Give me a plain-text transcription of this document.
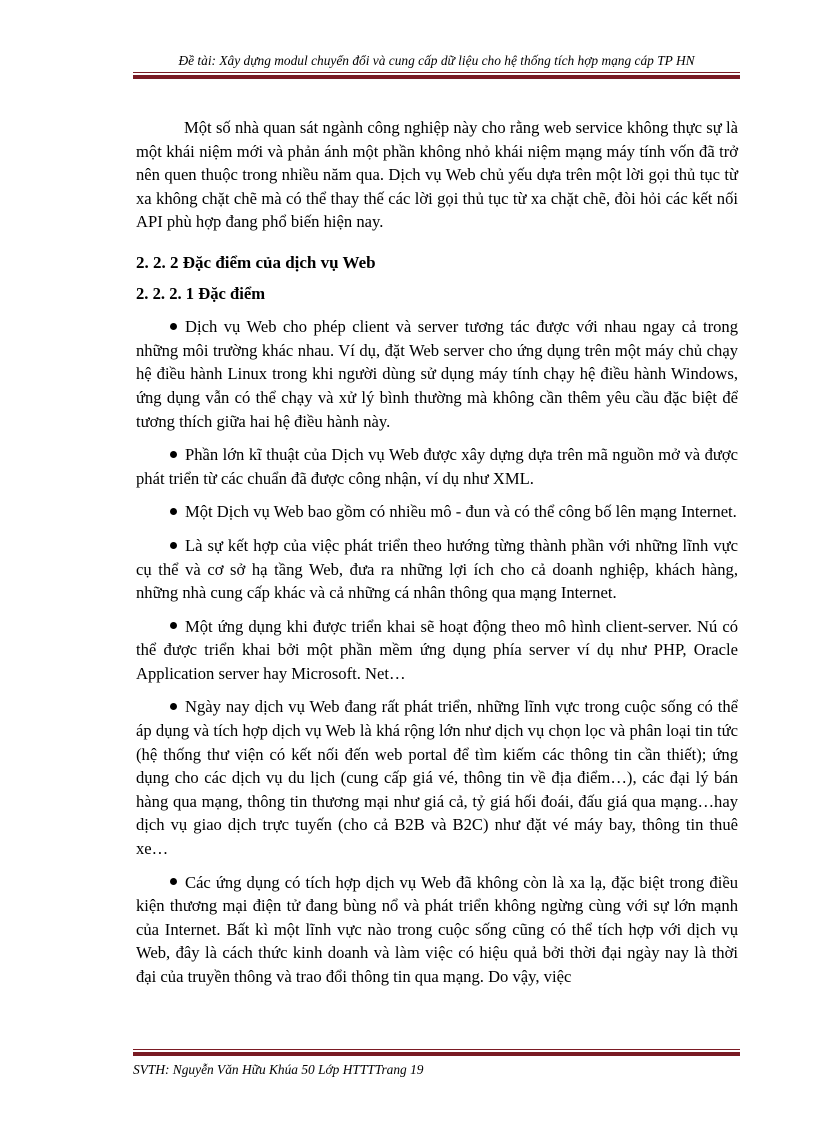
Đề tài: Xây dựng modul chuyển đổi và cung cấp dữ liệu cho hệ thống tích hợp mạng cáp TP HN

Một số nhà quan sát ngành công nghiệp này cho rằng web service không thực sự là một khái niệm mới và phản ánh một phần không nhỏ khái niệm mạng máy tính vốn đã trở nên quen thuộc trong nhiều năm qua. Dịch vụ Web chủ yếu dựa trên một lời gọi thủ tục từ xa không chặt chẽ mà có thể thay thế các lời gọi thủ tục từ xa chặt chẽ, đòi hỏi các kết nối API phù hợp đang phổ biến hiện nay.

2. 2. 2 Đặc điểm của dịch vụ Web

2. 2. 2. 1 Đặc điểm

Dịch vụ Web cho phép client và server tương tác được với nhau ngay cả trong những môi trường khác nhau. Ví dụ, đặt Web server cho ứng dụng trên một máy chủ chạy hệ điều hành Linux trong khi người dùng sử dụng máy tính chạy hệ điều hành Windows, ứng dụng vẫn có thể chạy và xử lý bình thường mà không cần thêm yêu cầu đặc biệt để tương thích giữa hai hệ điều hành này.

Phần lớn kĩ thuật của Dịch vụ Web được xây dựng dựa trên mã nguồn mở và được phát triển từ các chuẩn đã được công nhận, ví dụ như XML.

Một Dịch vụ Web bao gồm có nhiều mô - đun và có thể công bố lên mạng Internet.

Là sự kết hợp của việc phát triển theo hướng từng thành phần với những lĩnh vực cụ thể và cơ sở hạ tầng Web, đưa ra những lợi ích cho cả doanh nghiệp, khách hàng, những nhà cung cấp khác và cả những cá nhân thông qua mạng Internet.

Một ứng dụng khi được triển khai sẽ hoạt động theo mô hình client-server. Nú có thể được triển khai bởi một phần mềm ứng dụng phía server ví dụ như PHP, Oracle Application server hay Microsoft. Net…

Ngày nay dịch vụ Web đang rất phát triển, những lĩnh vực trong cuộc sống có thể áp dụng và tích hợp dịch vụ Web là khá rộng lớn như dịch vụ chọn lọc và phân loại tin tức (hệ thống thư viện có kết nối đến web portal để tìm kiếm các thông tin cần thiết); ứng dụng cho các dịch vụ du lịch (cung cấp giá vé, thông tin về địa điểm…), các đại lý bán hàng qua mạng, thông tin thương mại như giá cả, tỷ giá hối đoái, đấu giá qua mạng…hay dịch vụ giao dịch trực tuyến (cho cả B2B và B2C) như đặt vé máy bay, thông tin thuê xe…

Các ứng dụng có tích hợp dịch vụ Web đã không còn là xa lạ, đặc biệt trong điều kiện thương mại điện tử đang bùng nổ và phát triển không ngừng cùng với sự lớn mạnh của Internet. Bất kì một lĩnh vực nào trong cuộc sống cũng có thể tích hợp với dịch vụ Web, đây là cách thức kinh doanh và làm việc có hiệu quả bởi thời đại ngày nay là thời đại của truyền thông và trao đổi thông tin qua mạng. Do vậy, việc

SVTH: Nguyễn Văn Hữu Khúa 50 Lớp HTTTTrang 19
